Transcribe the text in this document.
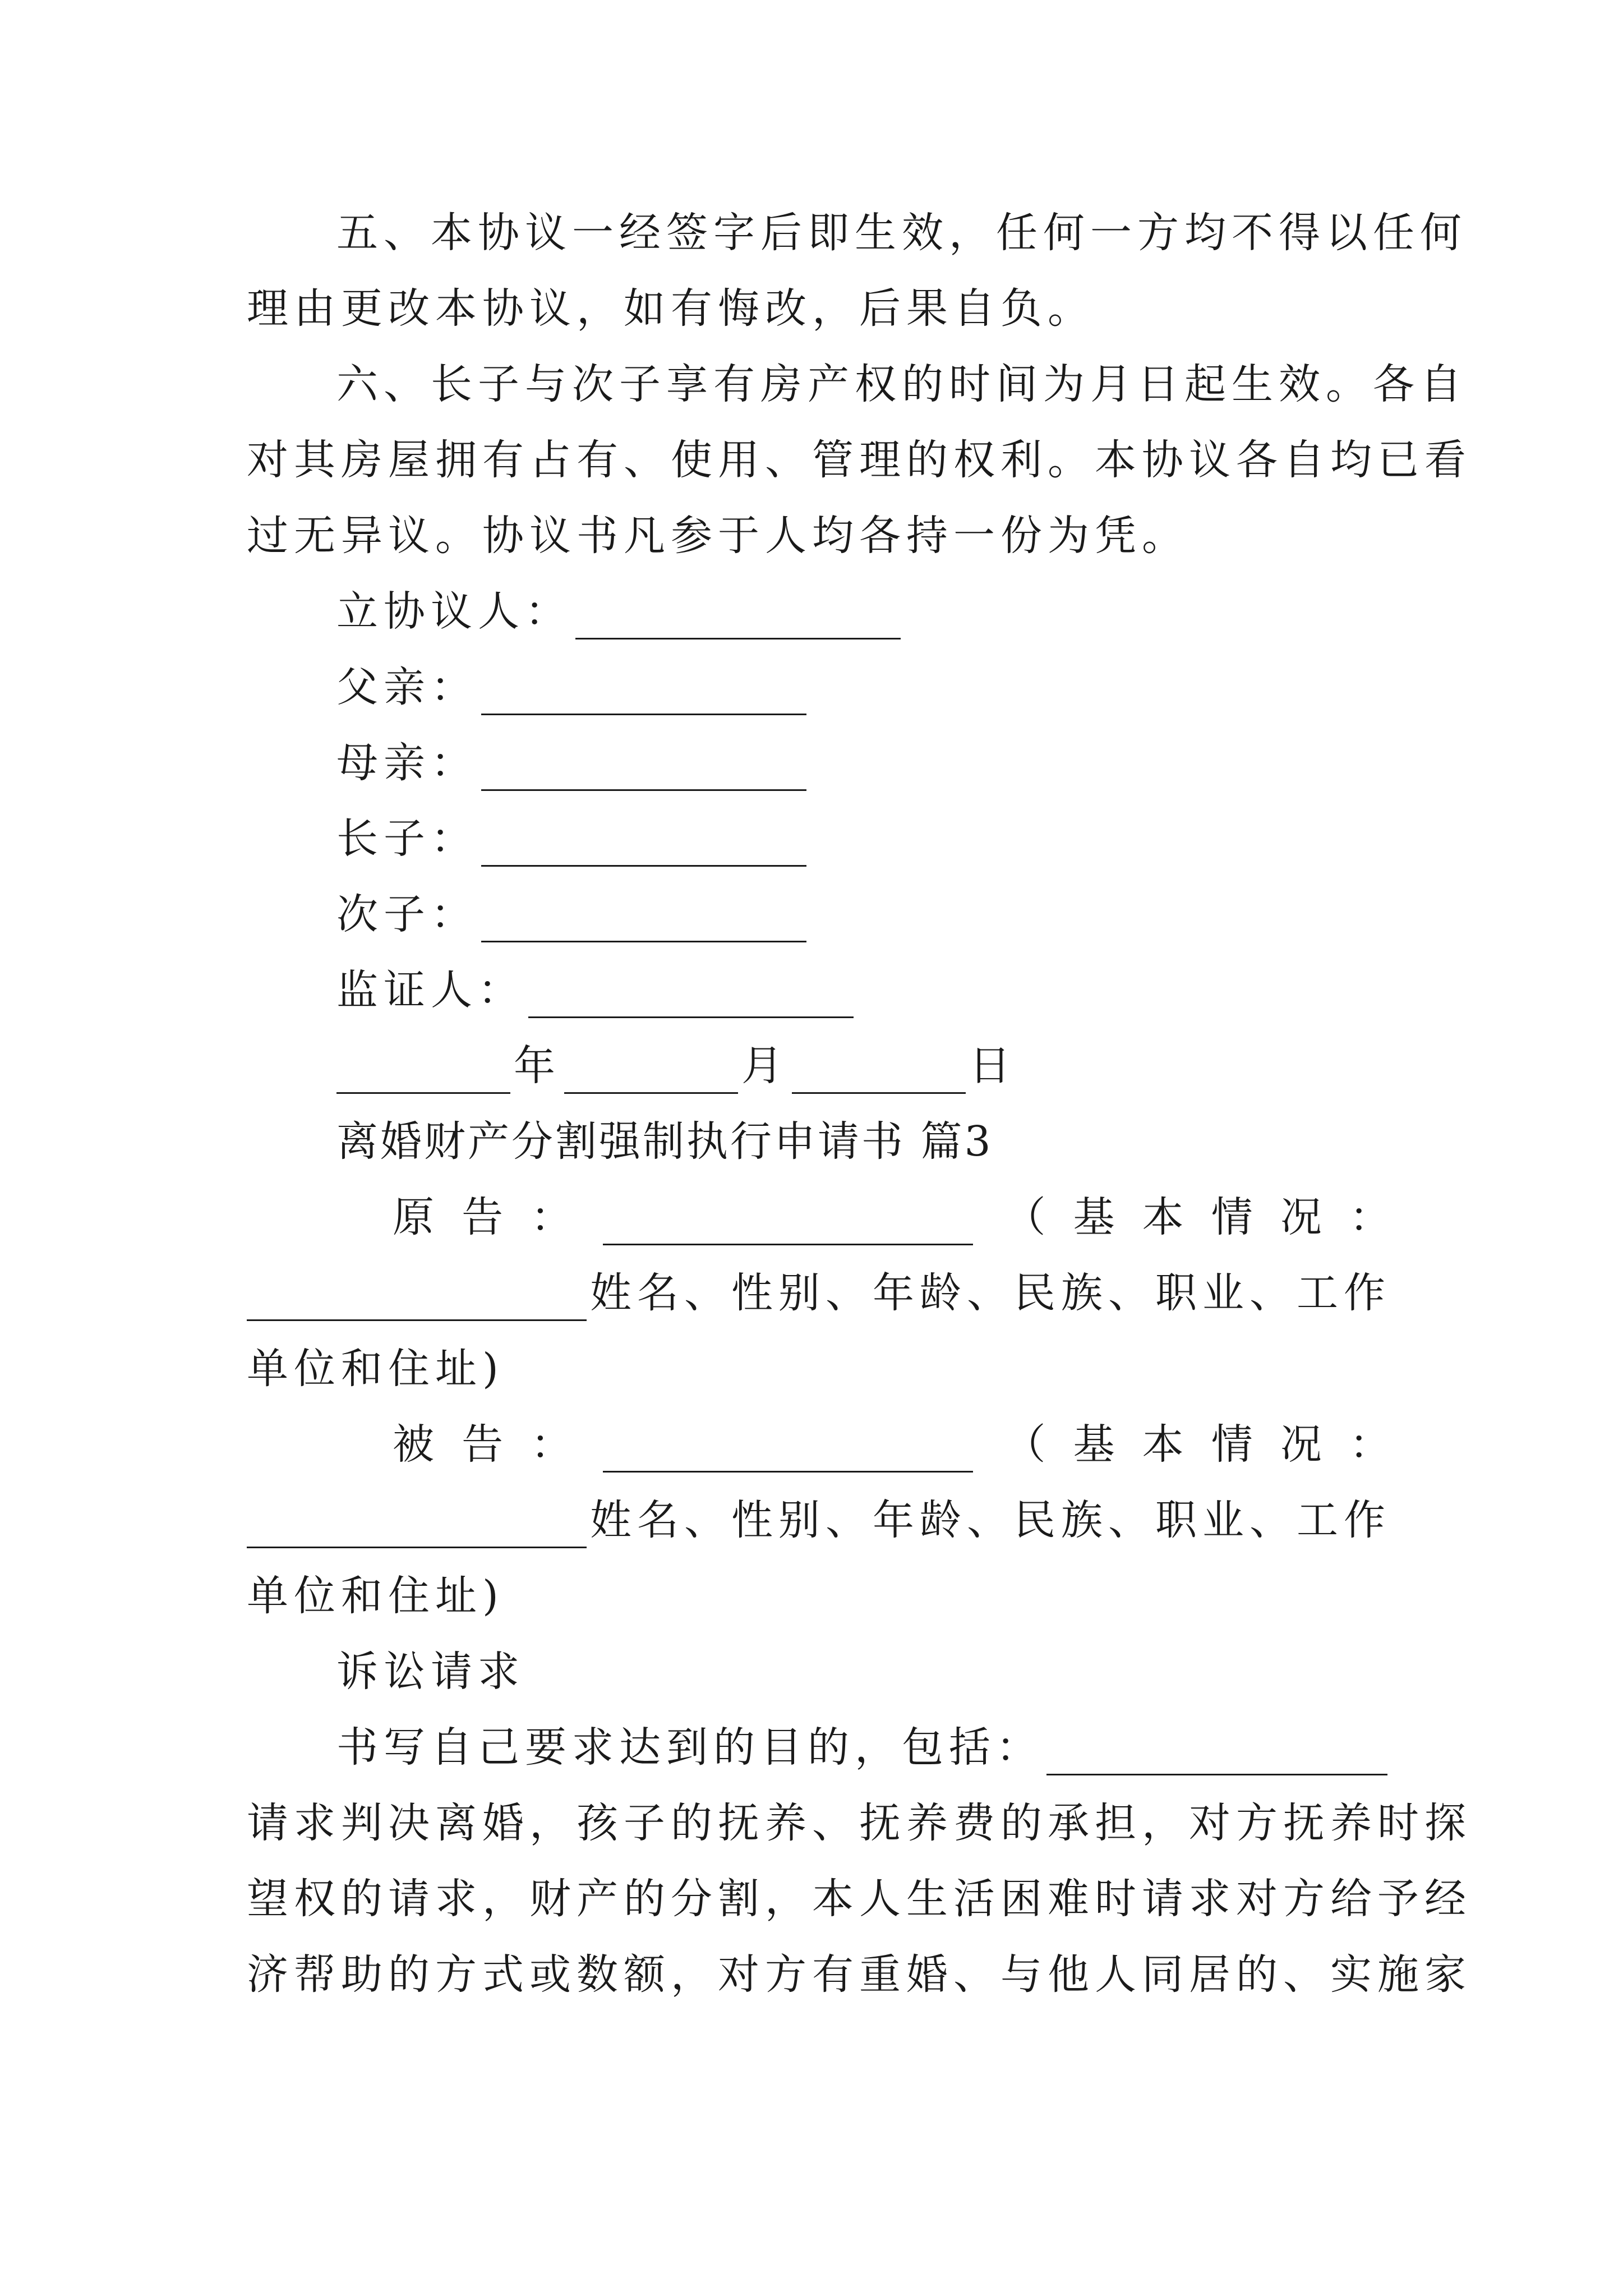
五、本协议一经签字后即生效，任何一方均不得以任何
理由更改本协议，如有悔改，后果自负。
六、长子与次子享有房产权的时间为月日起生效。各自
对其房屋拥有占有、使用、管理的权利。本协议各自均已看
过无异议。协议书凡参于人均各持一份为凭。
立协议人：
父亲：
母亲：
长子：
次子：
监证人：
年	月	日
离婚财产分割强制执行申请书 篇3
原 告 ：	（ 基 本 情 况 ：
姓名、性别、年龄、民族、职业、工作
单位和住址)
被 告 ：	（ 基 本 情 况 ：
姓名、性别、年龄、民族、职业、工作
单位和住址)
诉讼请求
书写自己要求达到的目的，包括：
请求判决离婚，孩子的抚养、抚养费的承担，对方抚养时探
望权的请求，财产的分割，本人生活困难时请求对方给予经
济帮助的方式或数额，对方有重婚、与他人同居的、实施家
